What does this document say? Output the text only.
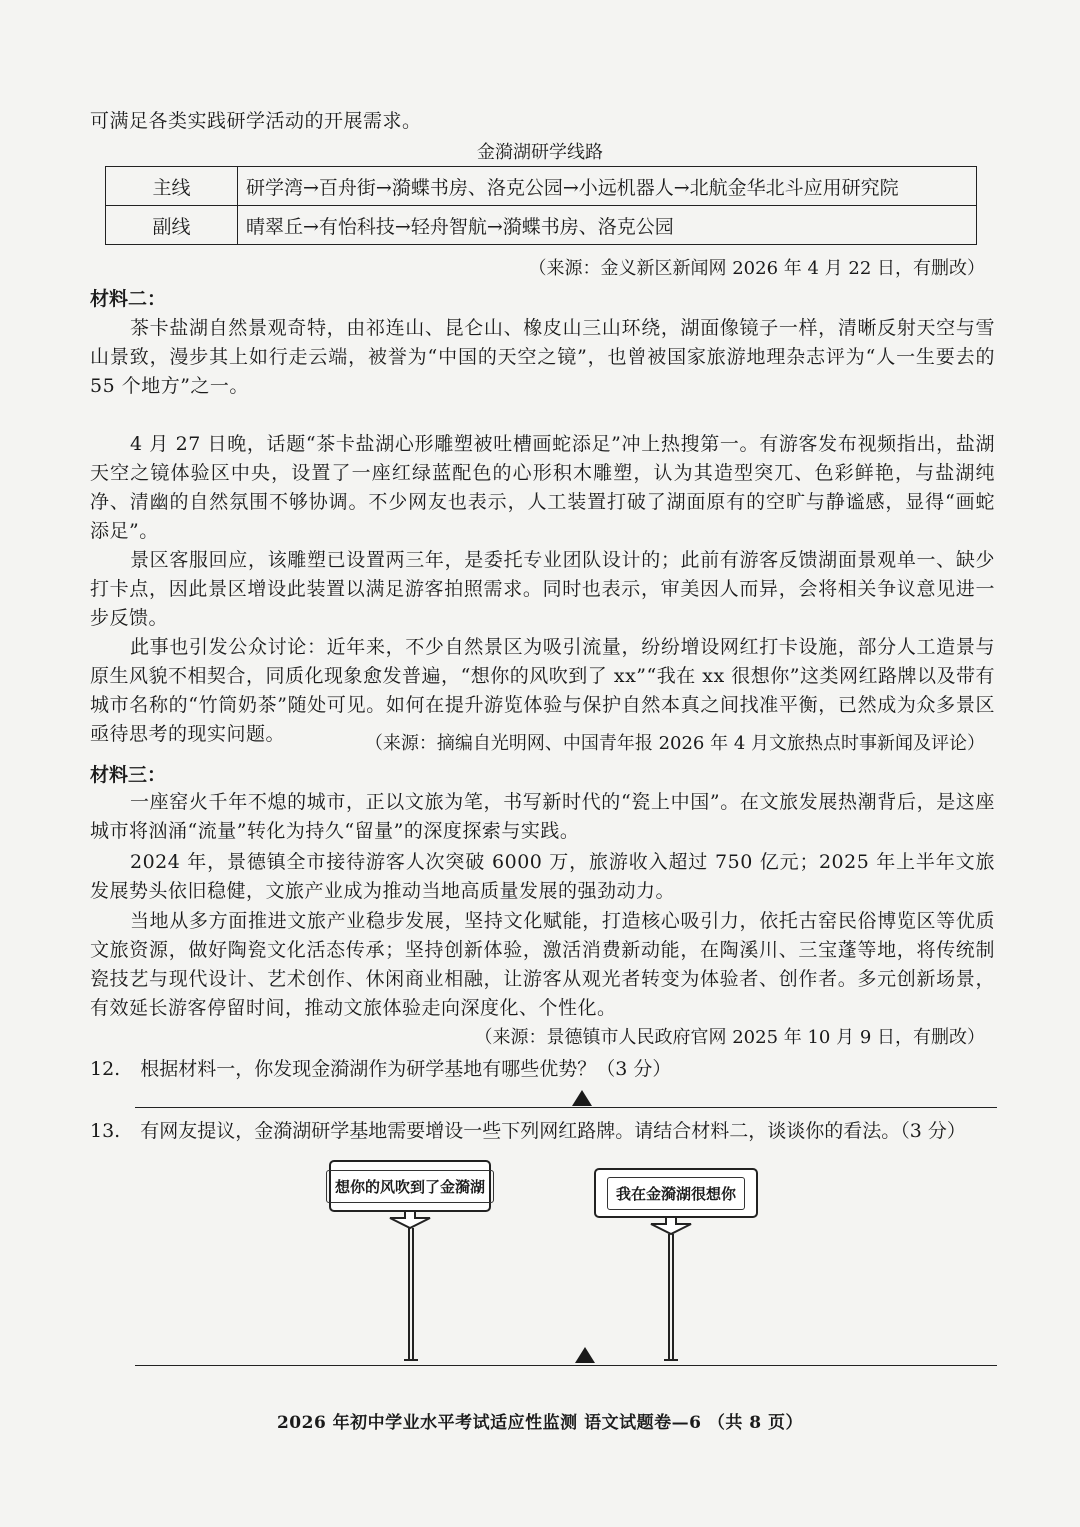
可满足各类实践研学活动的开展需求。
金漪湖研学线路
主线	研学湾→百舟街→漪蝶书房、洛克公园→小远机器人→北航金华北斗应用研究院
副线	晴翠丘→有怡科技→轻舟智航→漪蝶书房、洛克公园
（来源：金义新区新闻网 2026 年 4 月 22 日，有删改）
材料二：
茶卡盐湖自然景观奇特，由祁连山、昆仑山、橡皮山三山环绕，湖面像镜子一样，清晰反射天空与雪山景致，漫步其上如行走云端，被誉为“中国的天空之镜”，也曾被国家旅游地理杂志评为“人一生要去的 55 个地方”之一。
4 月 27 日晚，话题“茶卡盐湖心形雕塑被吐槽画蛇添足”冲上热搜第一。有游客发布视频指出，盐湖天空之镜体验区中央，设置了一座红绿蓝配色的心形积木雕塑，认为其造型突兀、色彩鲜艳，与盐湖纯净、清幽的自然氛围不够协调。不少网友也表示，人工装置打破了湖面原有的空旷与静谧感，显得“画蛇添足”。
景区客服回应，该雕塑已设置两三年，是委托专业团队设计的；此前有游客反馈湖面景观单一、缺少打卡点，因此景区增设此装置以满足游客拍照需求。同时也表示，审美因人而异，会将相关争议意见进一步反馈。
此事也引发公众讨论：近年来，不少自然景区为吸引流量，纷纷增设网红打卡设施，部分人工造景与原生风貌不相契合，同质化现象愈发普遍，“想你的风吹到了 xx”“我在 xx 很想你”这类网红路牌以及带有城市名称的“竹筒奶茶”随处可见。如何在提升游览体验与保护自然本真之间找准平衡，已然成为众多景区亟待思考的现实问题。	（来源：摘编自光明网、中国青年报 2026 年 4 月文旅热点时事新闻及评论）
材料三：
一座窑火千年不熄的城市，正以文旅为笔，书写新时代的“瓷上中国”。在文旅发展热潮背后，是这座城市将汹涌“流量”转化为持久“留量”的深度探索与实践。
2024 年，景德镇全市接待游客人次突破 6000 万，旅游收入超过 750 亿元；2025 年上半年文旅发展势头依旧稳健，文旅产业成为推动当地高质量发展的强劲动力。
当地从多方面推进文旅产业稳步发展，坚持文化赋能，打造核心吸引力，依托古窑民俗博览区等优质文旅资源，做好陶瓷文化活态传承；坚持创新体验，激活消费新动能，在陶溪川、三宝蓬等地，将传统制瓷技艺与现代设计、艺术创作、休闲商业相融，让游客从观光者转变为体验者、创作者。多元创新场景，有效延长游客停留时间，推动文旅体验走向深度化、个性化。
（来源：景德镇市人民政府官网 2025 年 10 月 9 日，有删改）
12. 根据材料一，你发现金漪湖作为研学基地有哪些优势？（3 分）
13. 有网友提议，金漪湖研学基地需要增设一些下列网红路牌。请结合材料二，谈谈你的看法。（3 分）
想你的风吹到了金漪湖	我在金漪湖很想你
2026 年初中学业水平考试适应性监测 语文试题卷—6 （共 8 页）
